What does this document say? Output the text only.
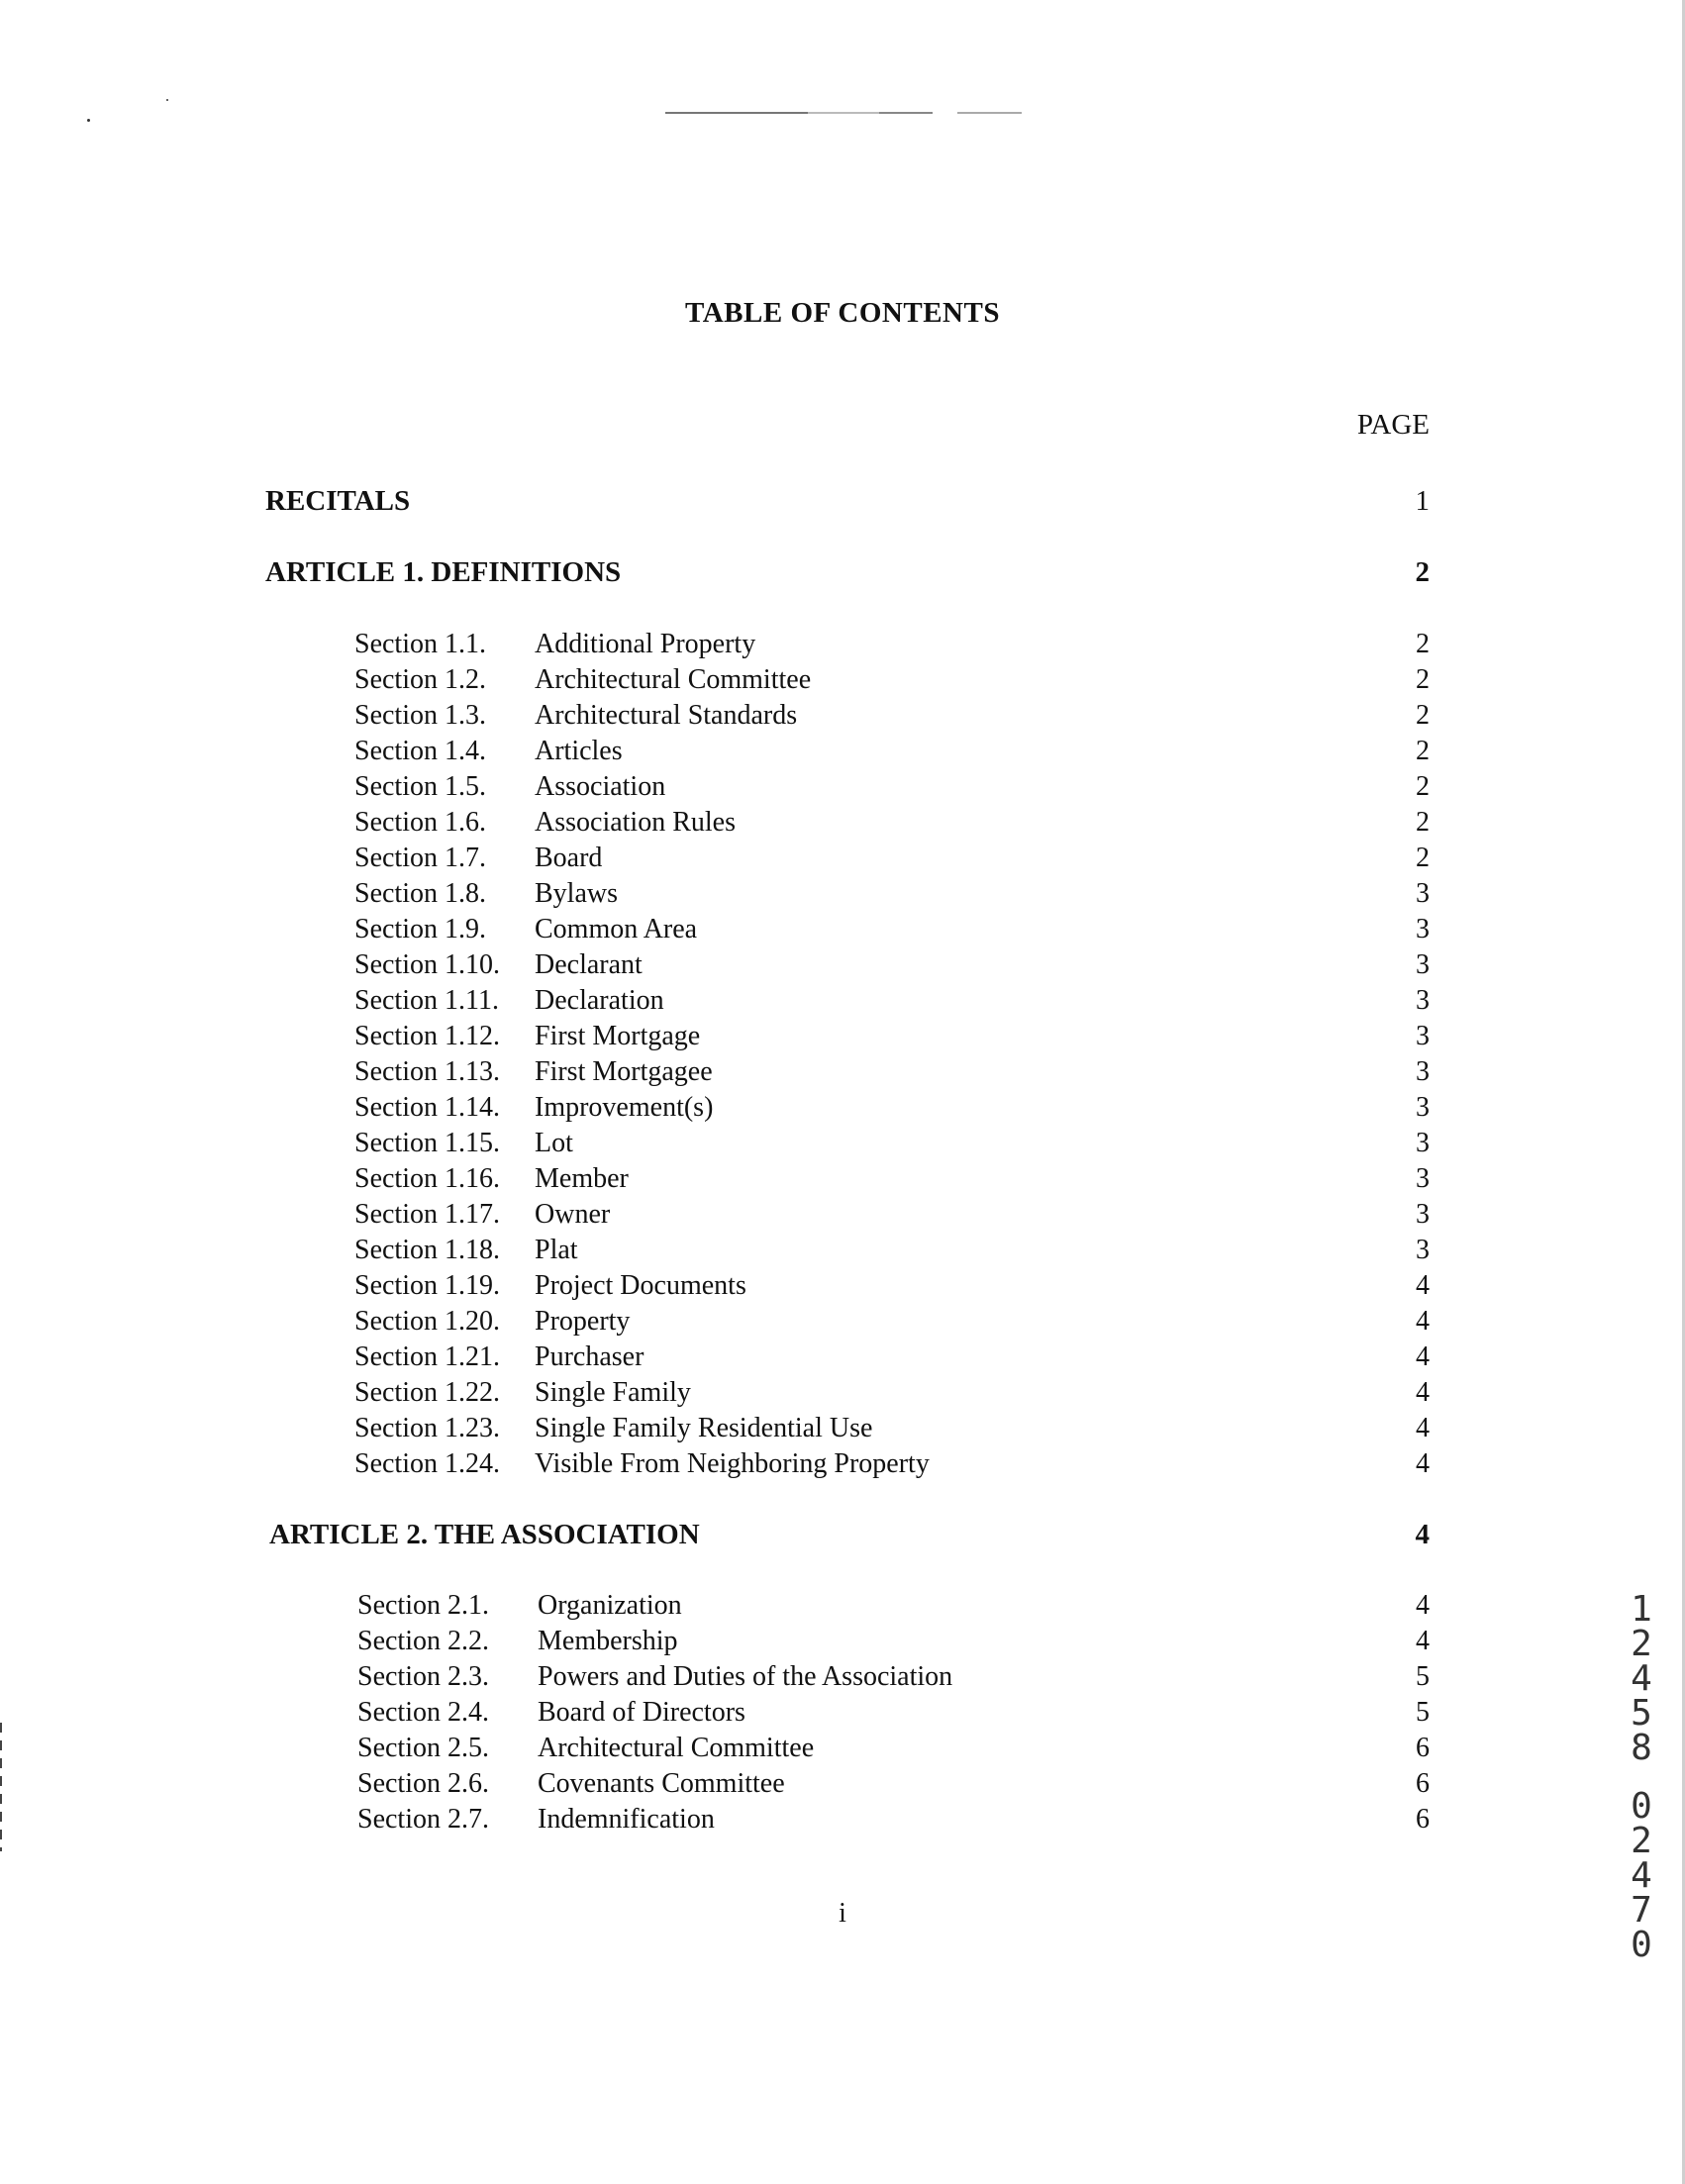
TABLE OF CONTENTS
PAGE
RECITALS	1
ARTICLE 1. DEFINITIONS	2
Section 1.1. Additional Property	2
Section 1.2. Architectural Committee	2
Section 1.3. Architectural Standards	2
Section 1.4. Articles	2
Section 1.5. Association	2
Section 1.6. Association Rules	2
Section 1.7. Board	2
Section 1.8. Bylaws	3
Section 1.9. Common Area	3
Section 1.10. Declarant	3
Section 1.11. Declaration	3
Section 1.12. First Mortgage	3
Section 1.13. First Mortgagee	3
Section 1.14. Improvement(s)	3
Section 1.15. Lot	3
Section 1.16. Member	3
Section 1.17. Owner	3
Section 1.18. Plat	3
Section 1.19. Project Documents	4
Section 1.20. Property	4
Section 1.21. Purchaser	4
Section 1.22. Single Family	4
Section 1.23. Single Family Residential Use	4
Section 1.24. Visible From Neighboring Property	4
ARTICLE 2. THE ASSOCIATION	4
Section 2.1. Organization	4
Section 2.2. Membership	4
Section 2.3. Powers and Duties of the Association	5
Section 2.4. Board of Directors	5
Section 2.5. Architectural Committee	6
Section 2.6. Covenants Committee	6
Section 2.7. Indemnification	6
i
12458
02470
